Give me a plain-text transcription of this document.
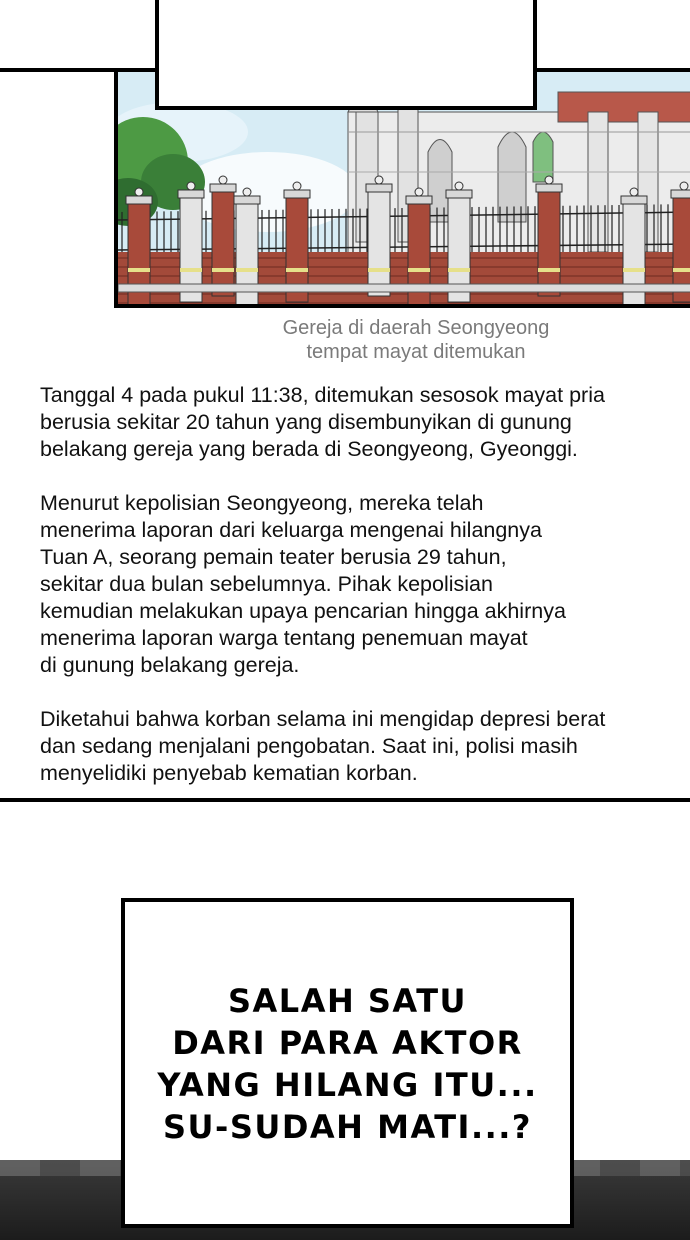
Gereja di daerah Seongyeong
tempat mayat ditemukan
Tanggal 4 pada pukul 11:38, ditemukan sesosok mayat pria
berusia sekitar 20 tahun yang disembunyikan di gunung
belakang gereja yang berada di Seongyeong, Gyeonggi.
Menurut kepolisian Seongyeong, mereka telah
menerima laporan dari keluarga mengenai hilangnya
Tuan A, seorang pemain teater berusia 29 tahun,
sekitar dua bulan sebelumnya. Pihak kepolisian
kemudian melakukan upaya pencarian hingga akhirnya
menerima laporan warga tentang penemuan mayat
di gunung belakang gereja.
Diketahui bahwa korban selama ini mengidap depresi berat
dan sedang menjalani pengobatan. Saat ini, polisi masih
menyelidiki penyebab kematian korban.
SALAH SATU
DARI PARA AKTOR
YANG HILANG ITU...
SU-SUDAH MATI...?
